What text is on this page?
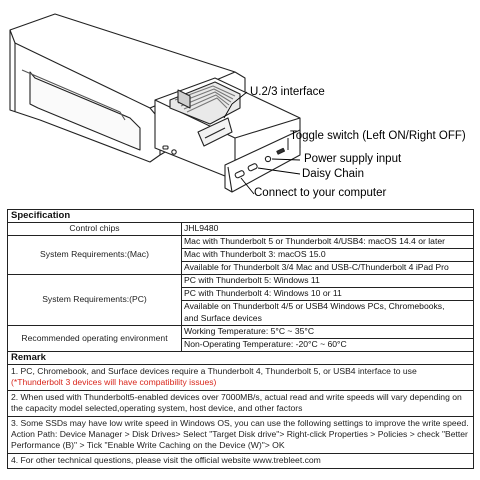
U.2/3 interface
Toggle switch (Left ON/Right OFF)
Power supply input
Daisy Chain
Connect to your computer
Specification	
Control chips	JHL9480
System Requirements:(Mac)	Mac with Thunderbolt 5 or Thunderbolt 4/USB4: macOS 14.4 or later
	Mac with Thunderbolt 3: macOS 15.0
	Available for Thunderbolt 3/4 Mac and USB-C/Thunderbolt 4 iPad Pro
System Requirements:(PC)	PC with Thunderbolt 5: Windows 11
	PC with Thunderbolt 4: Windows 10 or 11
	Available on Thunderbolt 4/5 or USB4 Windows PCs, Chromebooks,
and Surface devices
Recommended operating environment	Working Temperature: 5°C ~ 35°C
	Non-Operating Temperature: -20°C ~ 60°C
Remark	
1. PC, Chromebook, and Surface devices require a Thunderbolt 4, Thunderbolt 5, or USB4 interface to use
(*Thunderbolt 3 devices will have compatibility issues)	
2. When used with Thunderbolt5-enabled devices over 7000MB/s, actual read and write speeds will vary depending on the capacity model selected,operating system, host device, and other factors	
3. Some SSDs may have low write speed in Windows OS, you can use the following settings to improve the write speed. Action Path: Device Manager > Disk Drives> Select "Target Disk drive"> Right-click Properties > Policies > check "Better Performance (B)" > Tick "Enable Write Caching on the Device (W)"> OK	
4. For other technical questions, please visit the official website www.trebleet.com	
